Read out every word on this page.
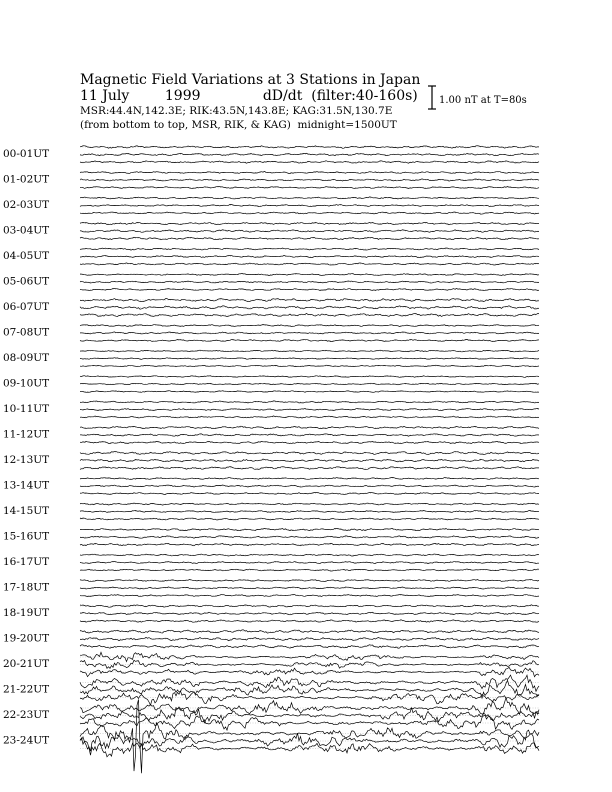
Magnetic Field Variations at 3 Stations in Japan
11 July	1999	dD/dt (filter:40-160s)
MSR:44.4N,142.3E; RIK:43.5N,143.8E; KAG:31.5N,130.7E
(from bottom to top, MSR, RIK, & KAG) midnight=1500UT
1.00 nT at T=80s
00-01UT
01-02UT
02-03UT
03-04UT
04-05UT
05-06UT
06-07UT
07-08UT
08-09UT
09-10UT
10-11UT
11-12UT
12-13UT
13-14UT
14-15UT
15-16UT
16-17UT
17-18UT
18-19UT
19-20UT
20-21UT
21-22UT
22-23UT
23-24UT
